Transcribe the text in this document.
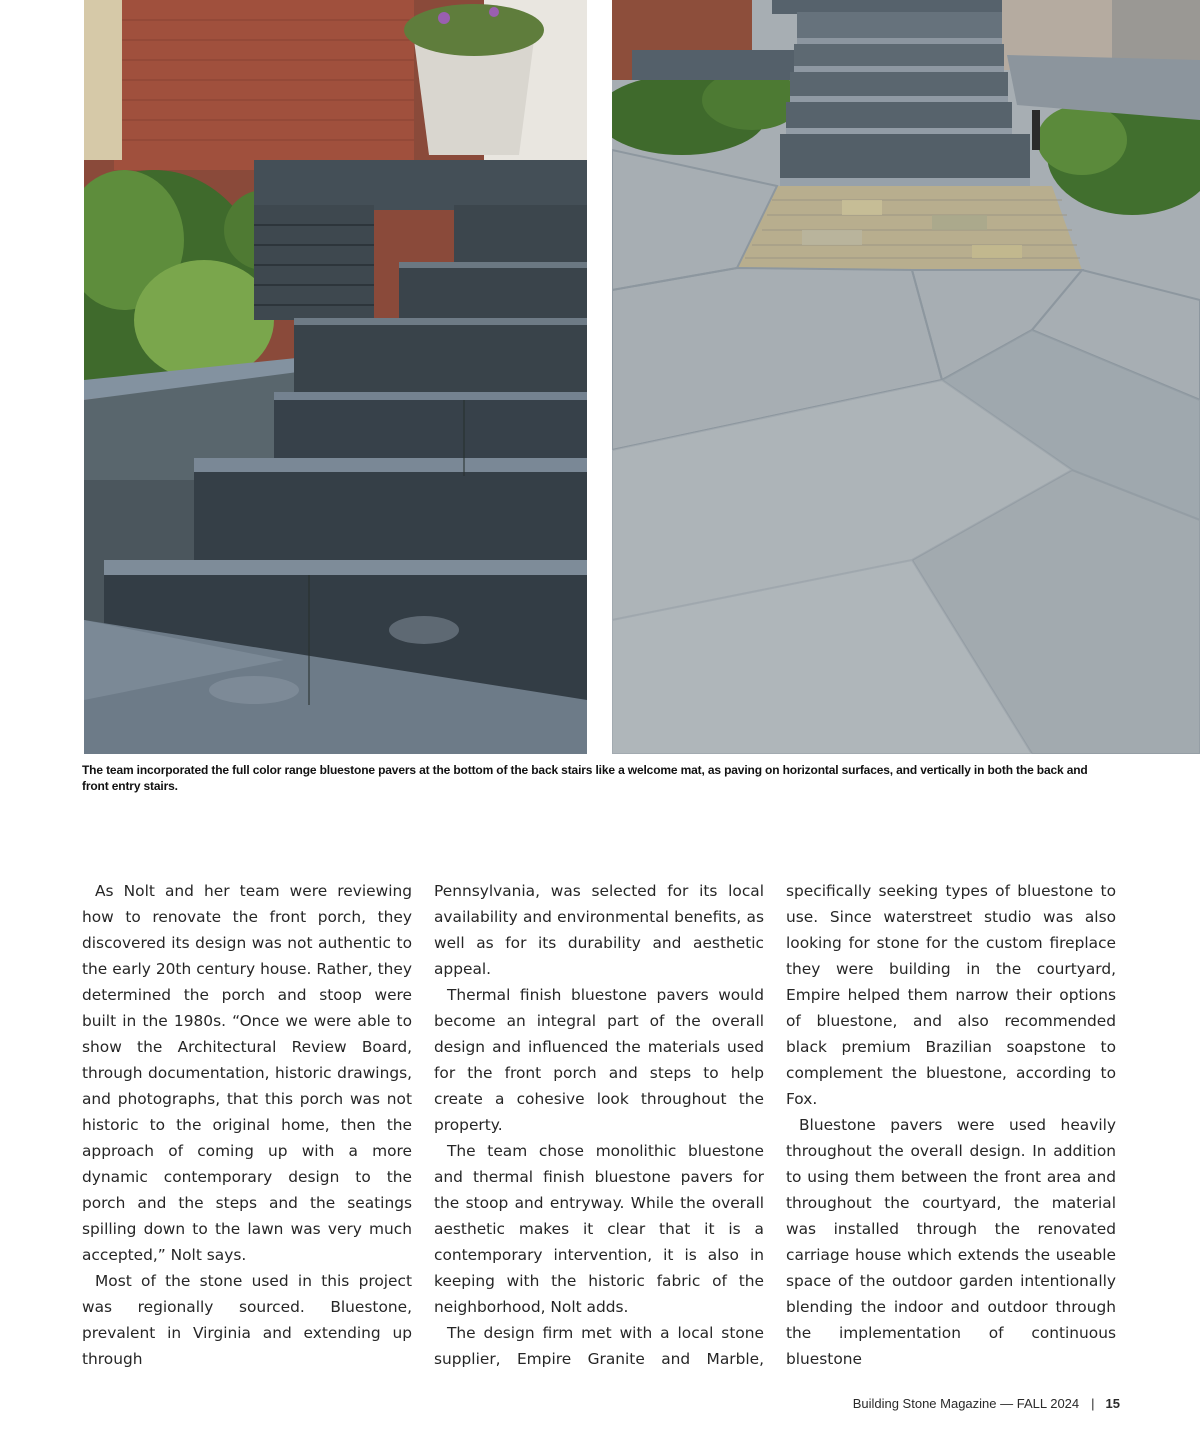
The team incorporated the full color range bluestone pavers at the bottom of the back stairs like a welcome mat, as paving on horizontal surfaces, and vertically in both the back and front entry stairs.

As Nolt and her team were reviewing how to renovate the front porch, they discovered its design was not authentic to the early 20th century house. Rather, they determined the porch and stoop were built in the 1980s. “Once we were able to show the Architectural Review Board, through documentation, historic drawings, and photographs, that this porch was not historic to the original home, then the approach of coming up with a more dynamic contemporary design to the porch and the steps and the seatings spilling down to the lawn was very much accepted,” Nolt says.

Most of the stone used in this project was regionally sourced. Bluestone, prevalent in Virginia and extending up through

Pennsylvania, was selected for its local availability and environmental benefits, as well as for its durability and aesthetic appeal.

Thermal finish bluestone pavers would become an integral part of the overall design and influenced the materials used for the front porch and steps to help create a cohesive look throughout the property.

The team chose monolithic bluestone and thermal finish bluestone pavers for the stoop and entryway. While the overall aesthetic makes it clear that it is a contemporary intervention, it is also in keeping with the historic fabric of the neighborhood, Nolt adds.

The design firm met with a local stone supplier, Empire Granite and Marble,

specifically seeking types of bluestone to use. Since waterstreet studio was also looking for stone for the custom fireplace they were building in the courtyard, Empire helped them narrow their options of bluestone, and also recommended black premium Brazilian soapstone to complement the bluestone, according to Fox.

Bluestone pavers were used heavily throughout the overall design. In addition to using them between the front area and throughout the courtyard, the material was installed through the renovated carriage house which extends the useable space of the outdoor garden intentionally blending the indoor and outdoor through the implementation of continuous bluestone

Building Stone Magazine — FALL 2024 | 15
